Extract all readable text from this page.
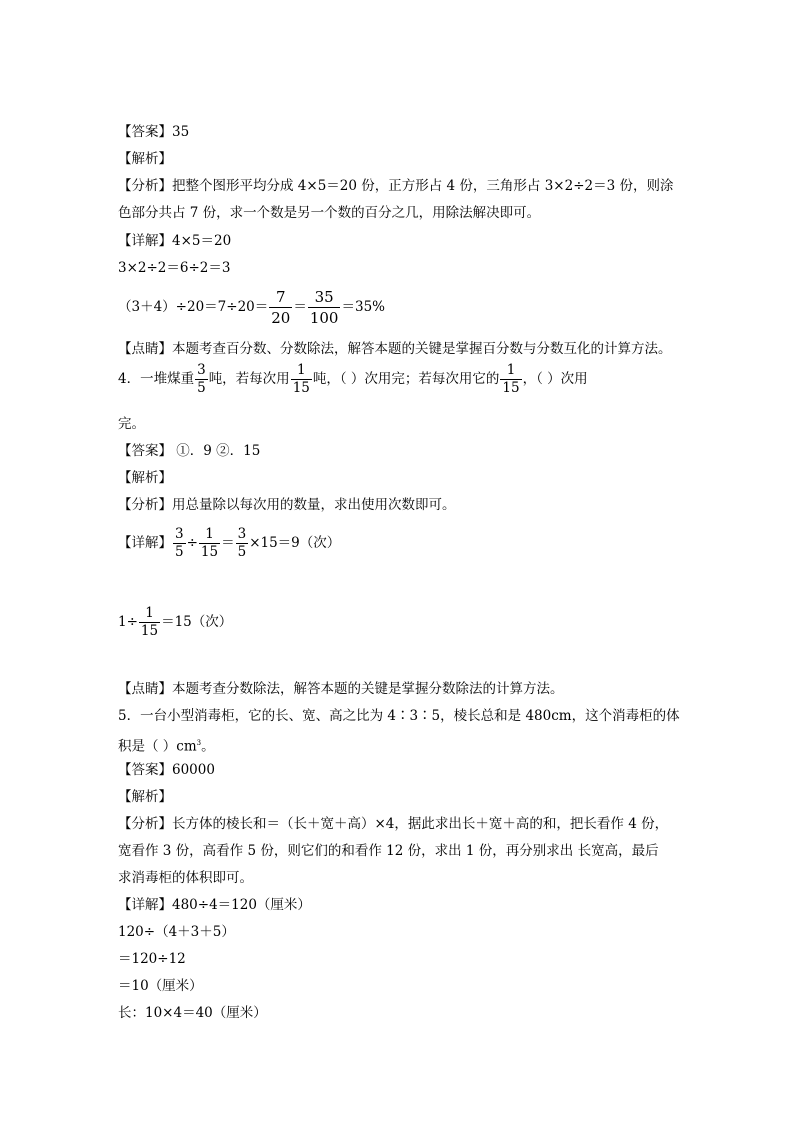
【答案】35
【解析】
【分析】把整个图形平均分成 4×5＝20 份，正方形占 4 份，三角形占 3×2÷2＝3 份，则涂
色部分共占 7 份，求一个数是另一个数的百分之几，用除法解决即可。
【详解】4×5＝20
3×2÷2＝6÷2＝3
$(3+4)\div 20=7\div 20= \frac{7}{20} = \frac{35}{100} =35\%$
【点睛】本题考查百分数、分数除法，解答本题的关键是掌握百分数与分数互化的计算方法。
4．一堆煤重 $\frac{3}{5}$ 吨，若每次用 $\frac{1}{15}$ 吨，（ ）次用完；若每次用它的 $\frac{1}{15}$ ，（ ）次用
完。
【答案】 ①．9 ②．15
【解析】
【分析】用总量除以每次用的数量，求出使用次数即可。
【详解】 $\frac{3}{5} \div \frac{1}{15} = \frac{3}{5} \times 15=9$（次）
$1\div \frac{1}{15} =15$（次）
【点睛】本题考查分数除法，解答本题的关键是掌握分数除法的计算方法。
5．一台小型消毒柜，它的长、宽、高之比为 4∶3∶5，棱长总和是 480cm，这个消毒柜的体
积是（ ）$cm^3$。
【答案】60000
【解析】
【分析】长方体的棱长和＝（长＋宽＋高）×4，据此求出长＋宽＋高的和，把长看作 4 份，
宽看作 3 份，高看作 5 份，则它们的和看作 12 份，求出 1 份，再分别求出 长宽高，最后
求消毒柜的体积即可。
【详解】480÷4＝120（厘米）
120÷（4＋3＋5）
＝120÷12
＝10（厘米）
长：10×4＝40（厘米）
